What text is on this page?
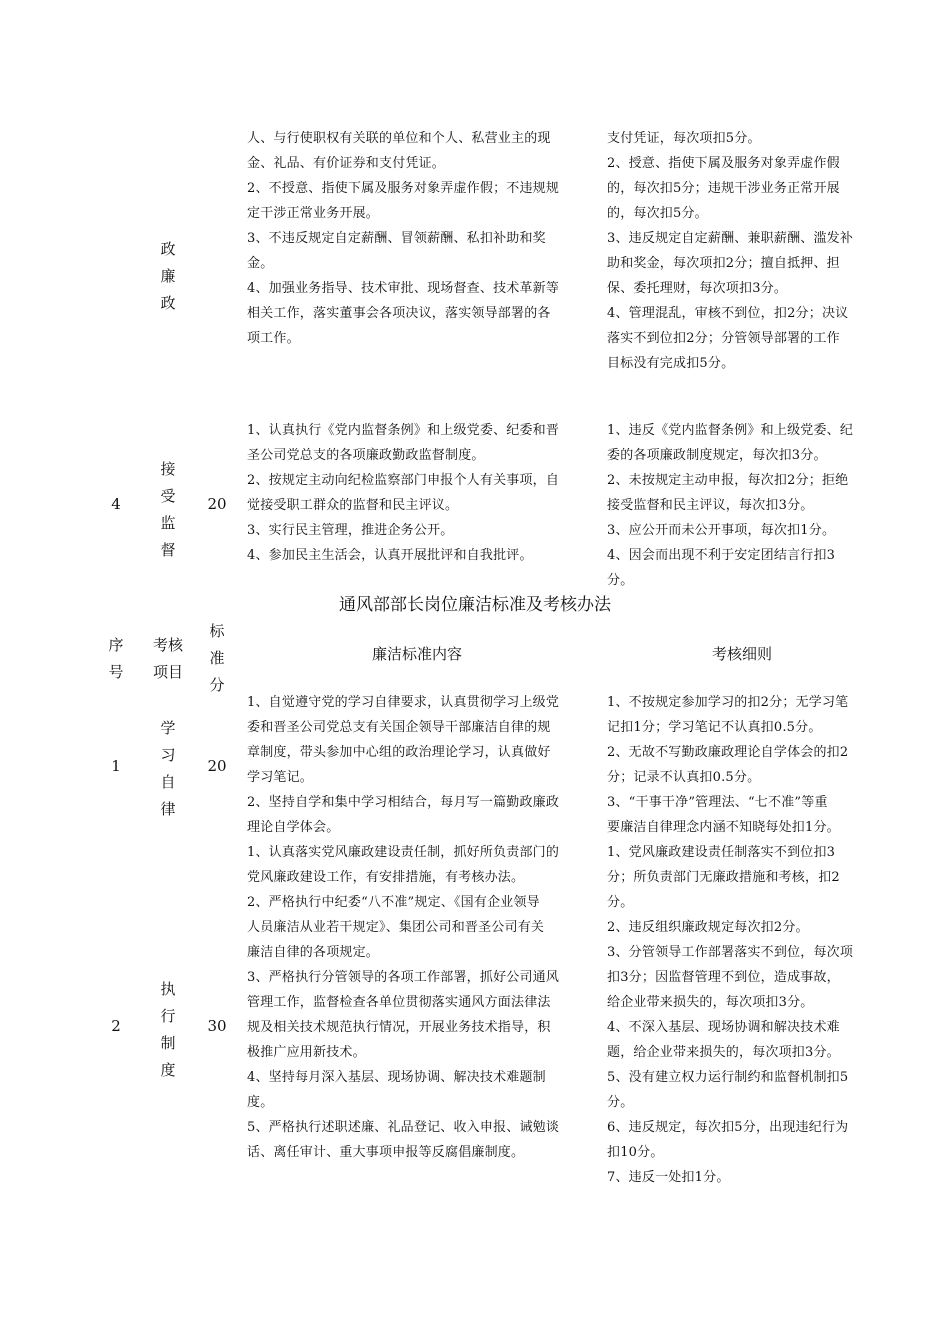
政
廉
政
人、与行使职权有关联的单位和个人、私营业主的现
金、礼品、有价证券和支付凭证。
2、不授意、指使下属及服务对象弄虚作假；不违规规
定干涉正常业务开展。
3、不违反规定自定薪酬、冒领薪酬、私扣补助和奖
金。
4、加强业务指导、技术审批、现场督查、技术革新等
相关工作，落实董事会各项决议，落实领导部署的各
项工作。
支付凭证，每次项扣5分。
2、授意、指使下属及服务对象弄虚作假
的，每次扣5分；违规干涉业务正常开展
的，每次扣5分。
3、违反规定自定薪酬、兼职薪酬、滥发补
助和奖金，每次项扣2分；擅自抵押、担
保、委托理财，每次项扣3分。
4、管理混乱，审核不到位，扣2分；决议
落实不到位扣2分；分管领导部署的工作
目标没有完成扣5分。
4
接
受
监
督
20
1、认真执行《党内监督条例》和上级党委、纪委和晋
圣公司党总支的各项廉政勤政监督制度。
2、按规定主动向纪检监察部门申报个人有关事项，自
觉接受职工群众的监督和民主评议。
3、实行民主管理，推进企务公开。
4、参加民主生活会，认真开展批评和自我批评。
1、违反《党内监督条例》和上级党委、纪
委的各项廉政制度规定，每次扣3分。
2、未按规定主动申报，每次扣2分；拒绝
接受监督和民主评议，每次扣3分。
3、应公开而未公开事项，每次扣1分。
4、因会而出现不利于安定团结言行扣3
分。
通风部部长岗位廉洁标准及考核办法
序
号
考核
项目
标
准
分
廉洁标准内容	考核细则
1
学
习
自
律
20
1、自觉遵守党的学习自律要求，认真贯彻学习上级党
委和晋圣公司党总支有关国企领导干部廉洁自律的规
章制度，带头参加中心组的政治理论学习，认真做好
学习笔记。
2、坚持自学和集中学习相结合，每月写一篇勤政廉政
理论自学体会。
1、不按规定参加学习的扣2分；无学习笔
记扣1分；学习笔记不认真扣0.5分。
2、无故不写勤政廉政理论自学体会的扣2
分；记录不认真扣0.5分。
3、“干事干净”管理法、“七不准”等重
要廉洁自律理念内涵不知晓每处扣1分。
2
执
行
制
度
30
1、认真落实党风廉政建设责任制，抓好所负责部门的
党风廉政建设工作，有安排措施，有考核办法。
2、严格执行中纪委“八不准”规定、《国有企业领导
人员廉洁从业若干规定》、集团公司和晋圣公司有关
廉洁自律的各项规定。
3、严格执行分管领导的各项工作部署，抓好公司通风
管理工作，监督检查各单位贯彻落实通风方面法律法
规及相关技术规范执行情况，开展业务技术指导，积
极推广应用新技术。
4、坚持每月深入基层、现场协调、解决技术难题制
度。
5、严格执行述职述廉、礼品登记、收入申报、诫勉谈
话、离任审计、重大事项申报等反腐倡廉制度。
1、党风廉政建设责任制落实不到位扣3
分；所负责部门无廉政措施和考核，扣2
分。
2、违反组织廉政规定每次扣2分。
3、分管领导工作部署落实不到位，每次项
扣3分；因监督管理不到位，造成事故，
给企业带来损失的，每次项扣3分。
4、不深入基层、现场协调和解决技术难
题，给企业带来损失的，每次项扣3分。
5、没有建立权力运行制约和监督机制扣5
分。
6、违反规定，每次扣5分，出现违纪行为
扣10分。
7、违反一处扣1分。
